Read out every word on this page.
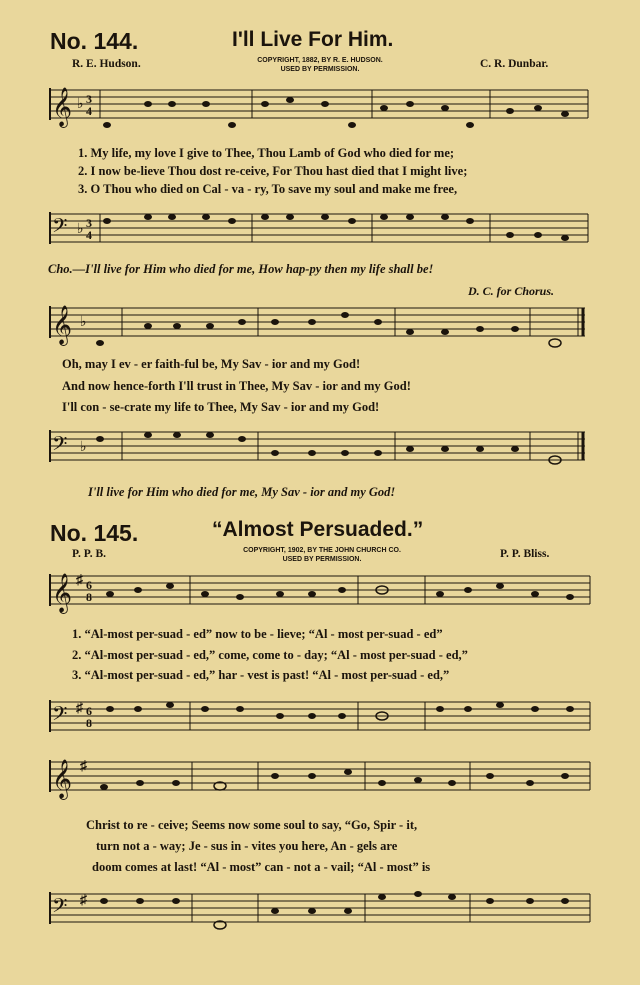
No. 144.	I'll Live For Him.
R. E. Hudson.	COPYRIGHT, 1882, BY R. E. HUDSON.
USED BY PERMISSION.	C. R. Dunbar.
𝄞 ♭ 3
4
1. My life, my love I give to Thee, Thou Lamb of God who died for me;
2. I now be-lieve Thou dost re-ceive, For Thou hast died that I might live;
3. O Thou who died on Cal - va - ry, To save my soul and make me free,
𝄢 ♭ 3
4
Cho.—I'll live for Him who died for me, How hap-py then my life shall be!
D. C. for Chorus.
𝄞 ♭
Oh, may I ev - er faith-ful be, My Sav - ior and my God!
And now hence-forth I'll trust in Thee, My Sav - ior and my God!
I'll con - se-crate my life to Thee, My Sav - ior and my God!
𝄢 ♭
I'll live for Him who died for me, My Sav - ior and my God!
No. 145.	“Almost Persuaded.”
P. P. B.	COPYRIGHT, 1902, BY THE JOHN CHURCH CO.
USED BY PERMISSION.	P. P. Bliss.
𝄞 ♯ 6
8
1. “Al-most per-suad - ed” now to be - lieve; “Al - most per-suad - ed”
2. “Al-most per-suad - ed,” come, come to - day; “Al - most per-suad - ed,”
3. “Al-most per-suad - ed,” har - vest is past! “Al - most per-suad - ed,”
𝄢 ♯ 6
8
𝄞 ♯
Christ to re - ceive; Seems now some soul to say, “Go, Spir - it,
turn not a - way; Je - sus in - vites you here, An - gels are
doom comes at last! “Al - most” can - not a - vail; “Al - most” is
𝄢 ♯
